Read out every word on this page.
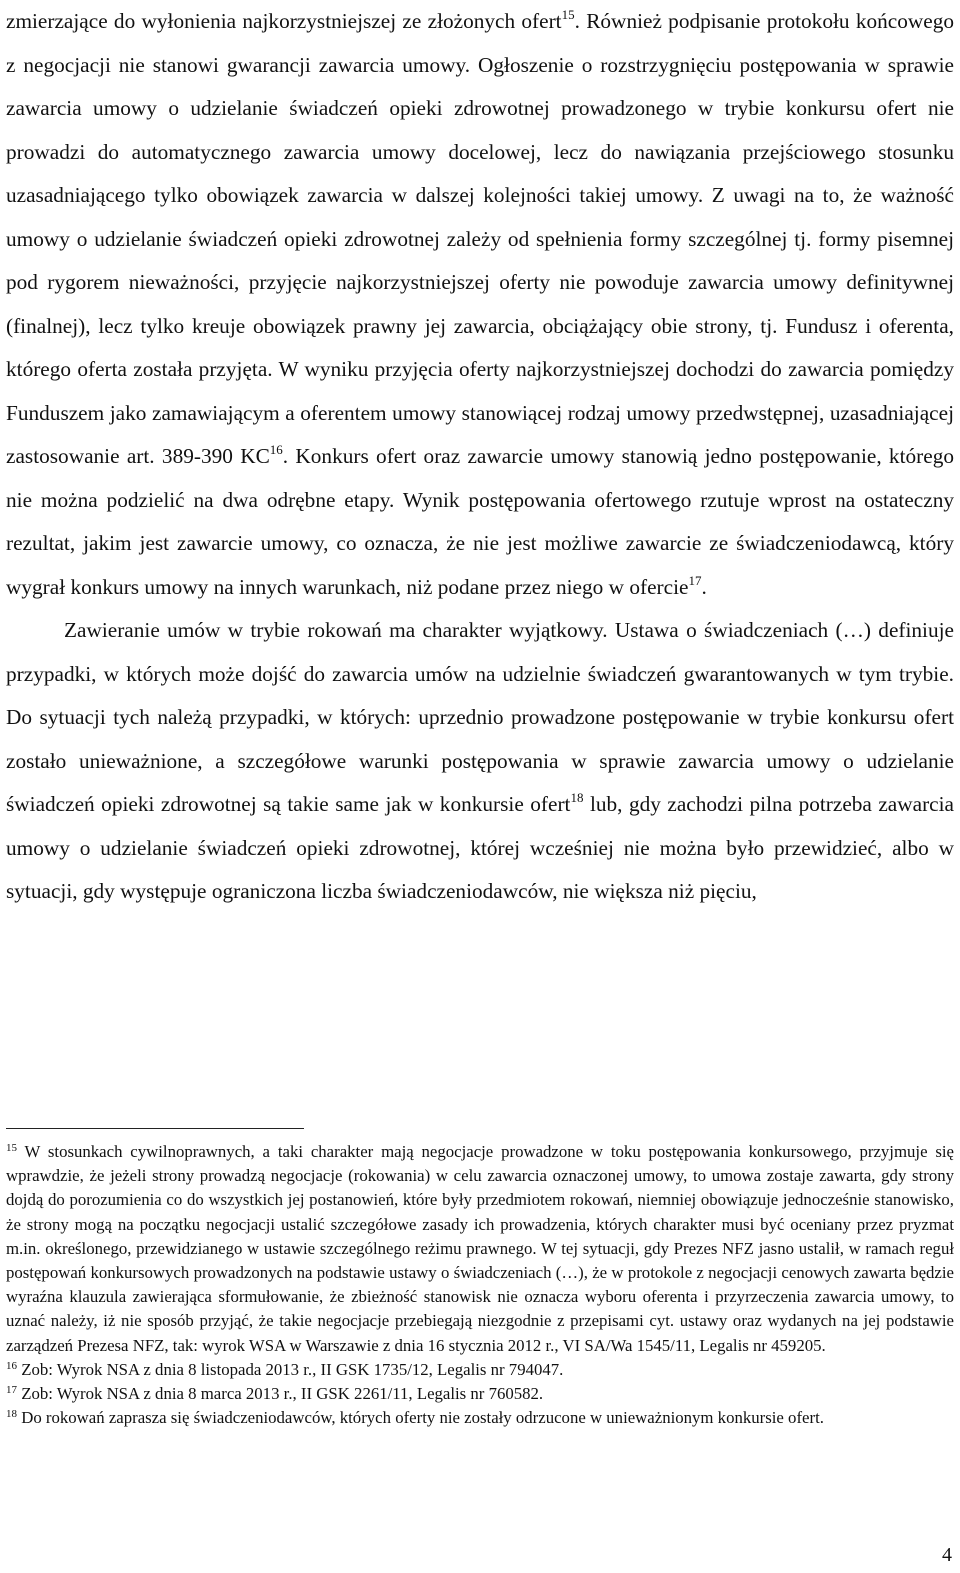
zmierzające do wyłonienia najkorzystniejszej ze złożonych ofert$^{15}$. Również podpisanie protokołu końcowego z negocjacji nie stanowi gwarancji zawarcia umowy. Ogłoszenie o rozstrzygnięciu postępowania w sprawie zawarcia umowy o udzielanie świadczeń opieki zdrowotnej prowadzonego w trybie konkursu ofert nie prowadzi do automatycznego zawarcia umowy docelowej, lecz do nawiązania przejściowego stosunku uzasadniającego tylko obowiązek zawarcia w dalszej kolejności takiej umowy. Z uwagi na to, że ważność umowy o udzielanie świadczeń opieki zdrowotnej zależy od spełnienia formy szczególnej tj. formy pisemnej pod rygorem nieważności, przyjęcie najkorzystniejszej oferty nie powoduje zawarcia umowy definitywnej (finalnej), lecz tylko kreuje obowiązek prawny jej zawarcia, obciążający obie strony, tj. Fundusz i oferenta, którego oferta została przyjęta. W wyniku przyjęcia oferty najkorzystniejszej dochodzi do zawarcia pomiędzy Funduszem jako zamawiającym a oferentem umowy stanowiącej rodzaj umowy przedwstępnej, uzasadniającej zastosowanie art. 389-390 KC$^{16}$. Konkurs ofert oraz zawarcie umowy stanowią jedno postępowanie, którego nie można podzielić na dwa odrębne etapy. Wynik postępowania ofertowego rzutuje wprost na ostateczny rezultat, jakim jest zawarcie umowy, co oznacza, że nie jest możliwe zawarcie ze świadczeniodawcą, który wygrał konkurs umowy na innych warunkach, niż podane przez niego w ofercie$^{17}$.

Zawieranie umów w trybie rokowań ma charakter wyjątkowy. Ustawa o świadczeniach (…) definiuje przypadki, w których może dojść do zawarcia umów na udzielnie świadczeń gwarantowanych w tym trybie. Do sytuacji tych należą przypadki, w których: uprzednio prowadzone postępowanie w trybie konkursu ofert zostało unieważnione, a szczegółowe warunki postępowania w sprawie zawarcia umowy o udzielanie świadczeń opieki zdrowotnej są takie same jak w konkursie ofert$^{18}$ lub, gdy zachodzi pilna potrzeba zawarcia umowy o udzielanie świadczeń opieki zdrowotnej, której wcześniej nie można było przewidzieć, albo w sytuacji, gdy występuje ograniczona liczba świadczeniodawców, nie większa niż pięciu,

$^{15}$ W stosunkach cywilnoprawnych, a taki charakter mają negocjacje prowadzone w toku postępowania konkursowego, przyjmuje się wprawdzie, że jeżeli strony prowadzą negocjacje (rokowania) w celu zawarcia oznaczonej umowy, to umowa zostaje zawarta, gdy strony dojdą do porozumienia co do wszystkich jej postanowień, które były przedmiotem rokowań, niemniej obowiązuje jednocześnie stanowisko, że strony mogą na początku negocjacji ustalić szczegółowe zasady ich prowadzenia, których charakter musi być oceniany przez pryzmat m.in. określonego, przewidzianego w ustawie szczególnego reżimu prawnego. W tej sytuacji, gdy Prezes NFZ jasno ustalił, w ramach reguł postępowań konkursowych prowadzonych na podstawie ustawy o świadczeniach (…), że w protokole z negocjacji cenowych zawarta będzie wyraźna klauzula zawierająca sformułowanie, że zbieżność stanowisk nie oznacza wyboru oferenta i przyrzeczenia zawarcia umowy, to uznać należy, iż nie sposób przyjąć, że takie negocjacje przebiegają niezgodnie z przepisami cyt. ustawy oraz wydanych na jej podstawie zarządzeń Prezesa NFZ, tak: wyrok WSA w Warszawie z dnia 16 stycznia 2012 r., VI SA/Wa 1545/11, Legalis nr 459205.

$^{16}$ Zob: Wyrok NSA z dnia 8 listopada 2013 r., II GSK 1735/12, Legalis nr 794047.

$^{17}$ Zob: Wyrok NSA z dnia 8 marca 2013 r., II GSK 2261/11, Legalis nr 760582.

$^{18}$ Do rokowań zaprasza się świadczeniodawców, których oferty nie zostały odrzucone w unieważnionym konkursie ofert.

4
